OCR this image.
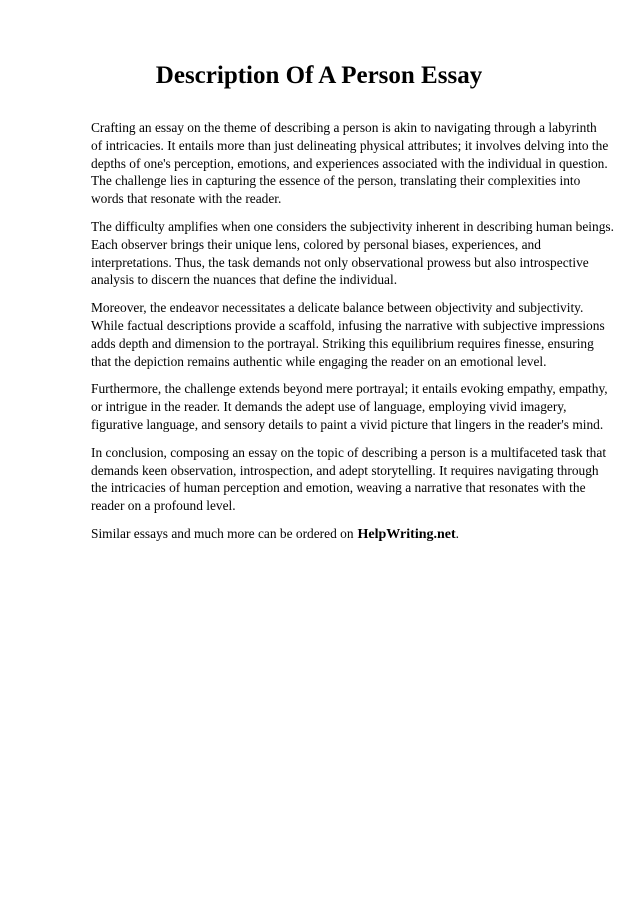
Description Of A Person Essay

Crafting an essay on the theme of describing a person is akin to navigating through a labyrinth
of intricacies. It entails more than just delineating physical attributes; it involves delving into the
depths of one's perception, emotions, and experiences associated with the individual in question.
The challenge lies in capturing the essence of the person, translating their complexities into
words that resonate with the reader.

The difficulty amplifies when one considers the subjectivity inherent in describing human beings.
Each observer brings their unique lens, colored by personal biases, experiences, and
interpretations. Thus, the task demands not only observational prowess but also introspective
analysis to discern the nuances that define the individual.

Moreover, the endeavor necessitates a delicate balance between objectivity and subjectivity.
While factual descriptions provide a scaffold, infusing the narrative with subjective impressions
adds depth and dimension to the portrayal. Striking this equilibrium requires finesse, ensuring
that the depiction remains authentic while engaging the reader on an emotional level.

Furthermore, the challenge extends beyond mere portrayal; it entails evoking empathy, empathy,
or intrigue in the reader. It demands the adept use of language, employing vivid imagery,
figurative language, and sensory details to paint a vivid picture that lingers in the reader's mind.

In conclusion, composing an essay on the topic of describing a person is a multifaceted task that
demands keen observation, introspection, and adept storytelling. It requires navigating through
the intricacies of human perception and emotion, weaving a narrative that resonates with the
reader on a profound level.

Similar essays and much more can be ordered on HelpWriting.net.
